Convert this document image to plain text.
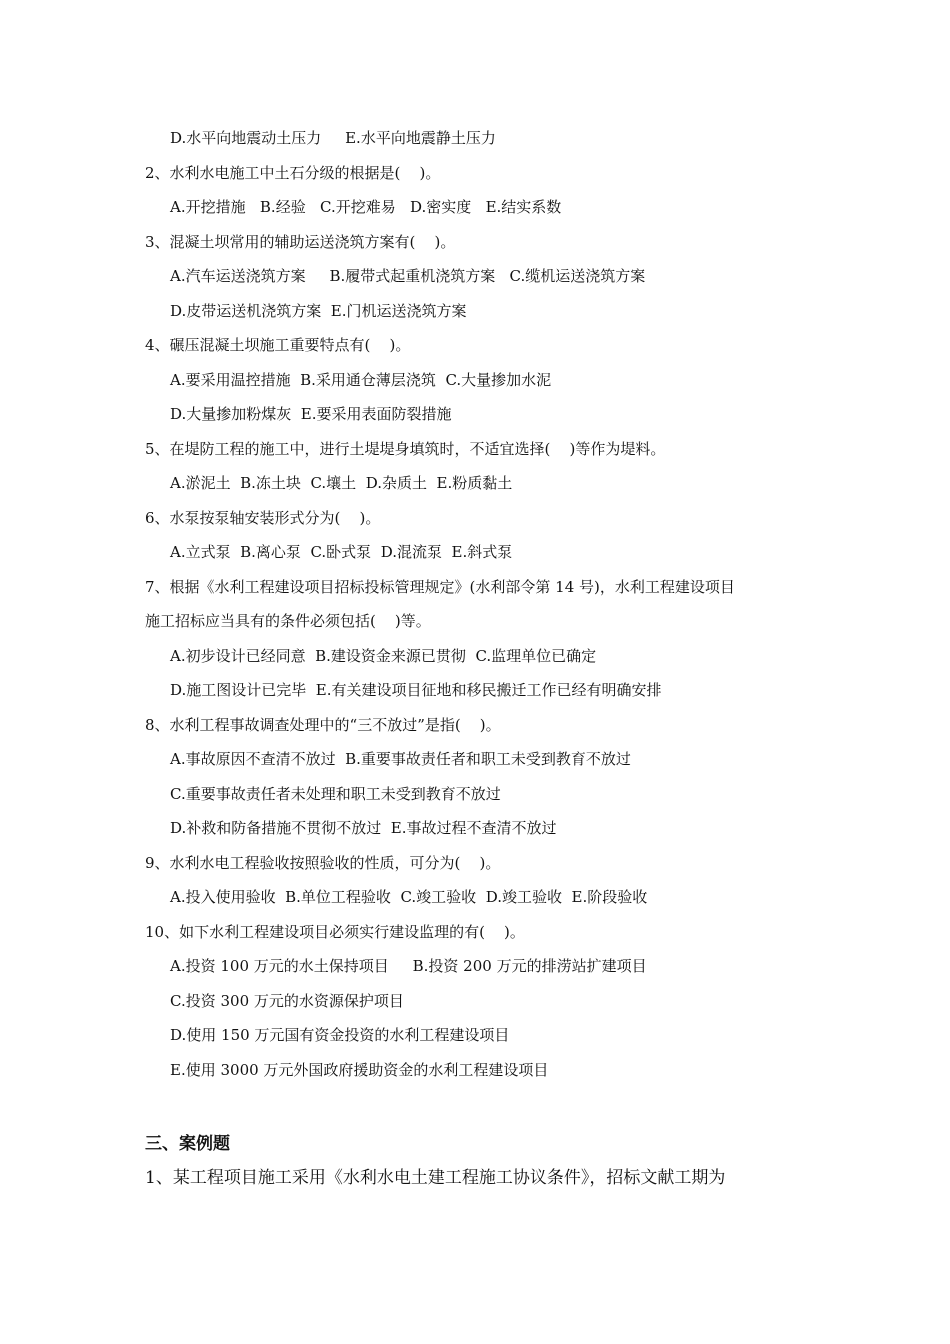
D.水平向地震动土压力     E.水平向地震静土压力
2、水利水电施工中土石分级的根据是(    )。
A.开挖措施   B.经验   C.开挖难易   D.密实度   E.结实系数
3、混凝土坝常用的辅助运送浇筑方案有(    )。
A.汽车运送浇筑方案     B.履带式起重机浇筑方案   C.缆机运送浇筑方案
D.皮带运送机浇筑方案  E.门机运送浇筑方案
4、碾压混凝土坝施工重要特点有(    )。
A.要采用温控措施  B.采用通仓薄层浇筑  C.大量掺加水泥
D.大量掺加粉煤灰  E.要采用表面防裂措施
5、在堤防工程的施工中，进行土堤堤身填筑时，不适宜选择(    )等作为堤料。
A.淤泥土  B.冻土块  C.壤土  D.杂质土  E.粉质黏土
6、水泵按泵轴安装形式分为(    )。
A.立式泵  B.离心泵  C.卧式泵  D.混流泵  E.斜式泵
7、根据《水利工程建设项目招标投标管理规定》(水利部令第 14 号)，水利工程建设项目
施工招标应当具有的条件必须包括(    )等。
A.初步设计已经同意  B.建设资金来源已贯彻  C.监理单位已确定
D.施工图设计已完毕  E.有关建设项目征地和移民搬迁工作已经有明确安排
8、水利工程事故调查处理中的“三不放过”是指(    )。
A.事故原因不查清不放过  B.重要事故责任者和职工未受到教育不放过
C.重要事故责任者未处理和职工未受到教育不放过
D.补救和防备措施不贯彻不放过  E.事故过程不查清不放过
9、水利水电工程验收按照验收的性质，可分为(    )。
A.投入使用验收  B.单位工程验收  C.竣工验收  D.竣工验收  E.阶段验收
10、如下水利工程建设项目必须实行建设监理的有(    )。
A.投资 100 万元的水土保持项目     B.投资 200 万元的排涝站扩建项目
C.投资 300 万元的水资源保护项目
D.使用 150 万元国有资金投资的水利工程建设项目
E.使用 3000 万元外国政府援助资金的水利工程建设项目
三、案例题
1、某工程项目施工采用《水利水电土建工程施工协议条件》，招标文献工期为
